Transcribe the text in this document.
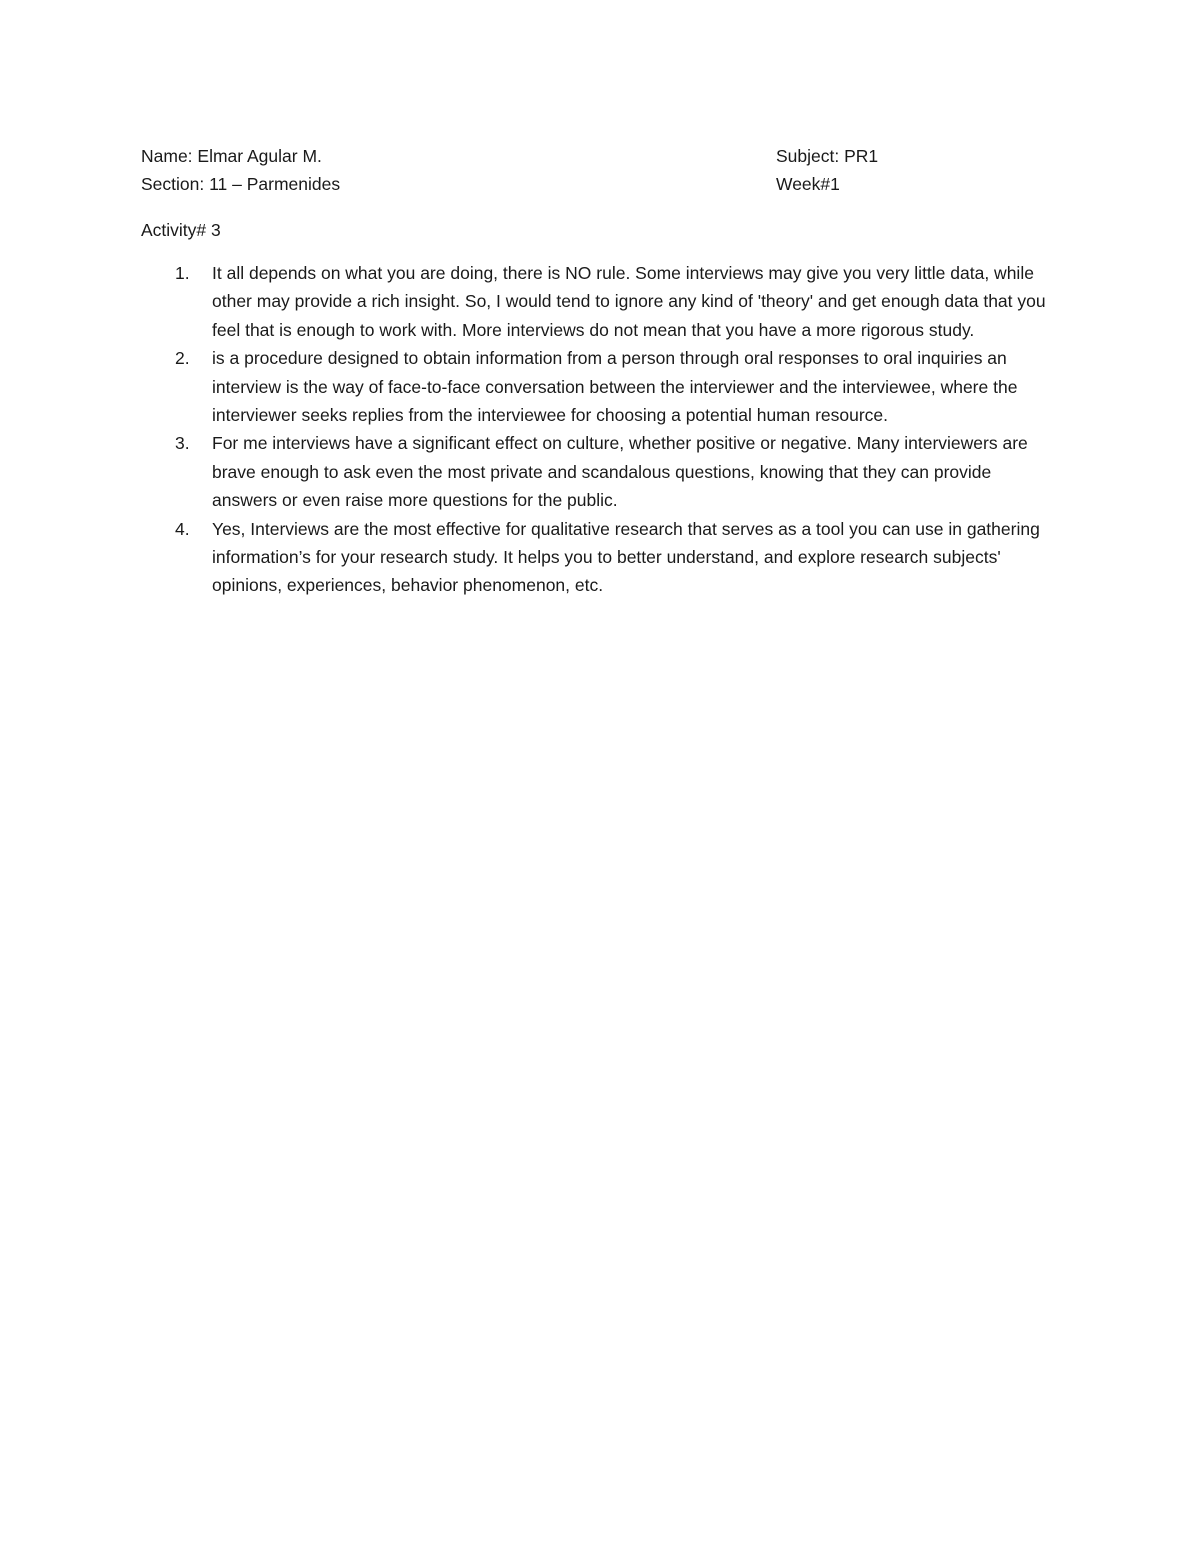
Name: Elmar Agular M.	Subject: PR1
Section: 11 – Parmenides	Week#1
Activity# 3
1. It all depends on what you are doing, there is NO rule. Some interviews may give you very little data, while other may provide a rich insight. So, I would tend to ignore any kind of 'theory' and get enough data that you feel that is enough to work with. More interviews do not mean that you have a more rigorous study.
2. is a procedure designed to obtain information from a person through oral responses to oral inquiries an interview is the way of face-to-face conversation between the interviewer and the interviewee, where the interviewer seeks replies from the interviewee for choosing a potential human resource.
3. For me interviews have a significant effect on culture, whether positive or negative. Many interviewers are brave enough to ask even the most private and scandalous questions, knowing that they can provide answers or even raise more questions for the public.
4. Yes, Interviews are the most effective for qualitative research that serves as a tool you can use in gathering information’s for your research study. It helps you to better understand, and explore research subjects' opinions, experiences, behavior phenomenon, etc.
